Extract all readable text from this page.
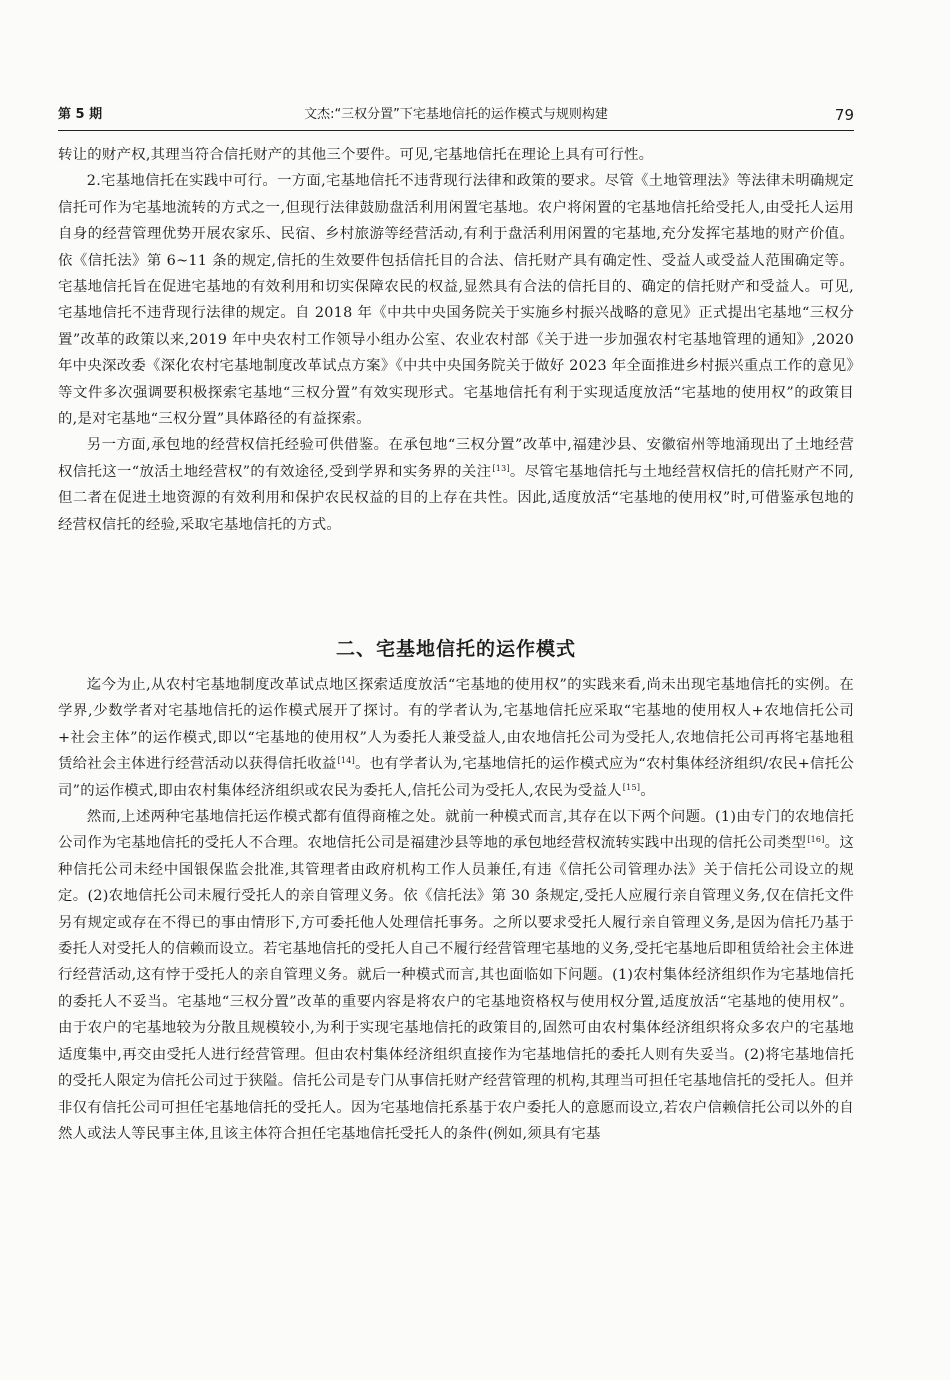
第 5 期	文杰:“三权分置”下宅基地信托的运作模式与规则构建	79

转让的财产权,其理当符合信托财产的其他三个要件。可见,宅基地信托在理论上具有可行性。

2.宅基地信托在实践中可行。一方面,宅基地信托不违背现行法律和政策的要求。尽管《土地管理法》等法律未明确规定信托可作为宅基地流转的方式之一,但现行法律鼓励盘活利用闲置宅基地。农户将闲置的宅基地信托给受托人,由受托人运用自身的经营管理优势开展农家乐、民宿、乡村旅游等经营活动,有利于盘活利用闲置的宅基地,充分发挥宅基地的财产价值。依《信托法》第 6~11 条的规定,信托的生效要件包括信托目的合法、信托财产具有确定性、受益人或受益人范围确定等。宅基地信托旨在促进宅基地的有效利用和切实保障农民的权益,显然具有合法的信托目的、确定的信托财产和受益人。可见,宅基地信托不违背现行法律的规定。自 2018 年《中共中央国务院关于实施乡村振兴战略的意见》正式提出宅基地“三权分置”改革的政策以来,2019 年中央农村工作领导小组办公室、农业农村部《关于进一步加强农村宅基地管理的通知》,2020 年中央深改委《深化农村宅基地制度改革试点方案》《中共中央国务院关于做好 2023 年全面推进乡村振兴重点工作的意见》等文件多次强调要积极探索宅基地“三权分置”有效实现形式。宅基地信托有利于实现适度放活“宅基地的使用权”的政策目的,是对宅基地“三权分置”具体路径的有益探索。

另一方面,承包地的经营权信托经验可供借鉴。在承包地“三权分置”改革中,福建沙县、安徽宿州等地涌现出了土地经营权信托这一“放活土地经营权”的有效途径,受到学界和实务界的关注[13]。尽管宅基地信托与土地经营权信托的信托财产不同,但二者在促进土地资源的有效利用和保护农民权益的目的上存在共性。因此,适度放活“宅基地的使用权”时,可借鉴承包地的经营权信托的经验,采取宅基地信托的方式。

二、宅基地信托的运作模式

迄今为止,从农村宅基地制度改革试点地区探索适度放活“宅基地的使用权”的实践来看,尚未出现宅基地信托的实例。在学界,少数学者对宅基地信托的运作模式展开了探讨。有的学者认为,宅基地信托应采取“宅基地的使用权人+农地信托公司+社会主体”的运作模式,即以“宅基地的使用权”人为委托人兼受益人,由农地信托公司为受托人,农地信托公司再将宅基地租赁给社会主体进行经营活动以获得信托收益[14]。也有学者认为,宅基地信托的运作模式应为“农村集体经济组织/农民+信托公司”的运作模式,即由农村集体经济组织或农民为委托人,信托公司为受托人,农民为受益人[15]。

然而,上述两种宅基地信托运作模式都有值得商榷之处。就前一种模式而言,其存在以下两个问题。(1)由专门的农地信托公司作为宅基地信托的受托人不合理。农地信托公司是福建沙县等地的承包地经营权流转实践中出现的信托公司类型[16]。这种信托公司未经中国银保监会批准,其管理者由政府机构工作人员兼任,有违《信托公司管理办法》关于信托公司设立的规定。(2)农地信托公司未履行受托人的亲自管理义务。依《信托法》第 30 条规定,受托人应履行亲自管理义务,仅在信托文件另有规定或存在不得已的事由情形下,方可委托他人处理信托事务。之所以要求受托人履行亲自管理义务,是因为信托乃基于委托人对受托人的信赖而设立。若宅基地信托的受托人自己不履行经营管理宅基地的义务,受托宅基地后即租赁给社会主体进行经营活动,这有悖于受托人的亲自管理义务。就后一种模式而言,其也面临如下问题。(1)农村集体经济组织作为宅基地信托的委托人不妥当。宅基地“三权分置”改革的重要内容是将农户的宅基地资格权与使用权分置,适度放活“宅基地的使用权”。由于农户的宅基地较为分散且规模较小,为利于实现宅基地信托的政策目的,固然可由农村集体经济组织将众多农户的宅基地适度集中,再交由受托人进行经营管理。但由农村集体经济组织直接作为宅基地信托的委托人则有失妥当。(2)将宅基地信托的受托人限定为信托公司过于狭隘。信托公司是专门从事信托财产经营管理的机构,其理当可担任宅基地信托的受托人。但并非仅有信托公司可担任宅基地信托的受托人。因为宅基地信托系基于农户委托人的意愿而设立,若农户信赖信托公司以外的自然人或法人等民事主体,且该主体符合担任宅基地信托受托人的条件(例如,须具有宅基
